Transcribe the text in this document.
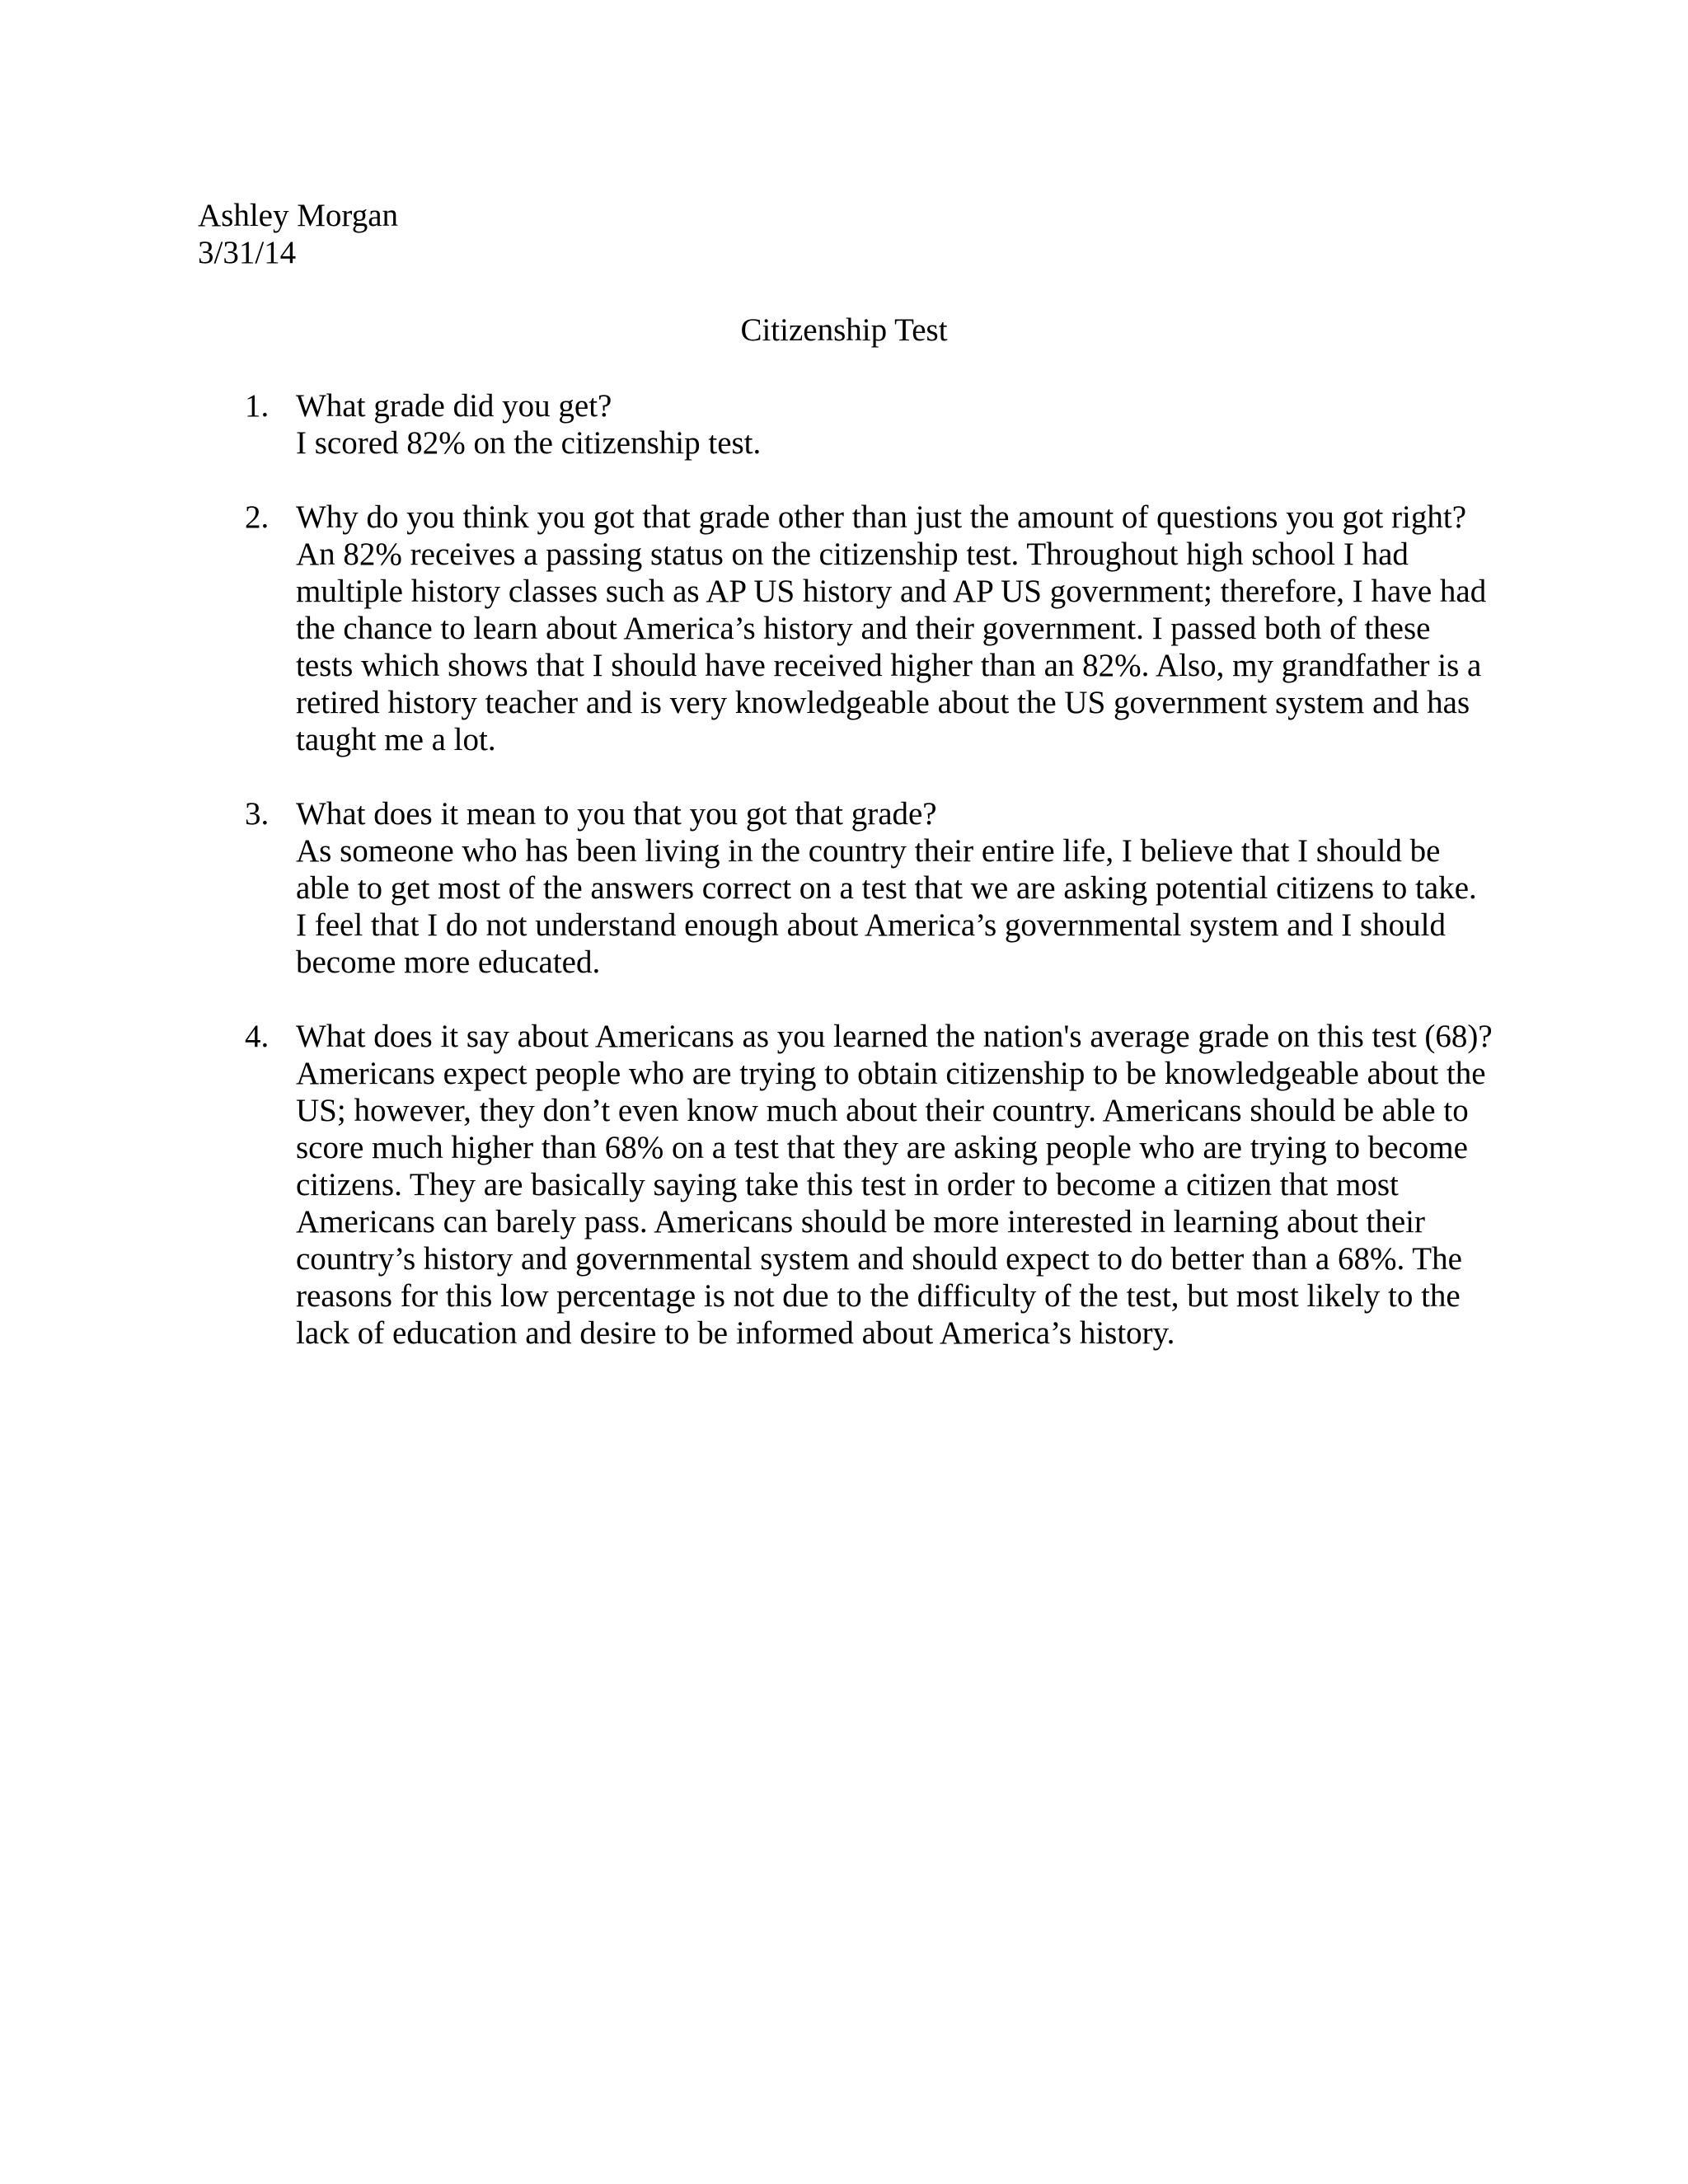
Ashley Morgan
3/31/14
Citizenship Test
1. What grade did you get?
I scored 82% on the citizenship test.
2. Why do you think you got that grade other than just the amount of questions you got right?
An 82% receives a passing status on the citizenship test. Throughout high school I had multiple history classes such as AP US history and AP US government; therefore, I have had the chance to learn about America’s history and their government. I passed both of these tests which shows that I should have received higher than an 82%. Also, my grandfather is a retired history teacher and is very knowledgeable about the US government system and has taught me a lot.
3. What does it mean to you that you got that grade?
As someone who has been living in the country their entire life, I believe that I should be able to get most of the answers correct on a test that we are asking potential citizens to take. I feel that I do not understand enough about America’s governmental system and I should become more educated.
4. What does it say about Americans as you learned the nation's average grade on this test (68)?
Americans expect people who are trying to obtain citizenship to be knowledgeable about the US; however, they don’t even know much about their country. Americans should be able to score much higher than 68% on a test that they are asking people who are trying to become citizens. They are basically saying take this test in order to become a citizen that most Americans can barely pass. Americans should be more interested in learning about their country’s history and governmental system and should expect to do better than a 68%. The reasons for this low percentage is not due to the difficulty of the test, but most likely to the lack of education and desire to be informed about America’s history.
